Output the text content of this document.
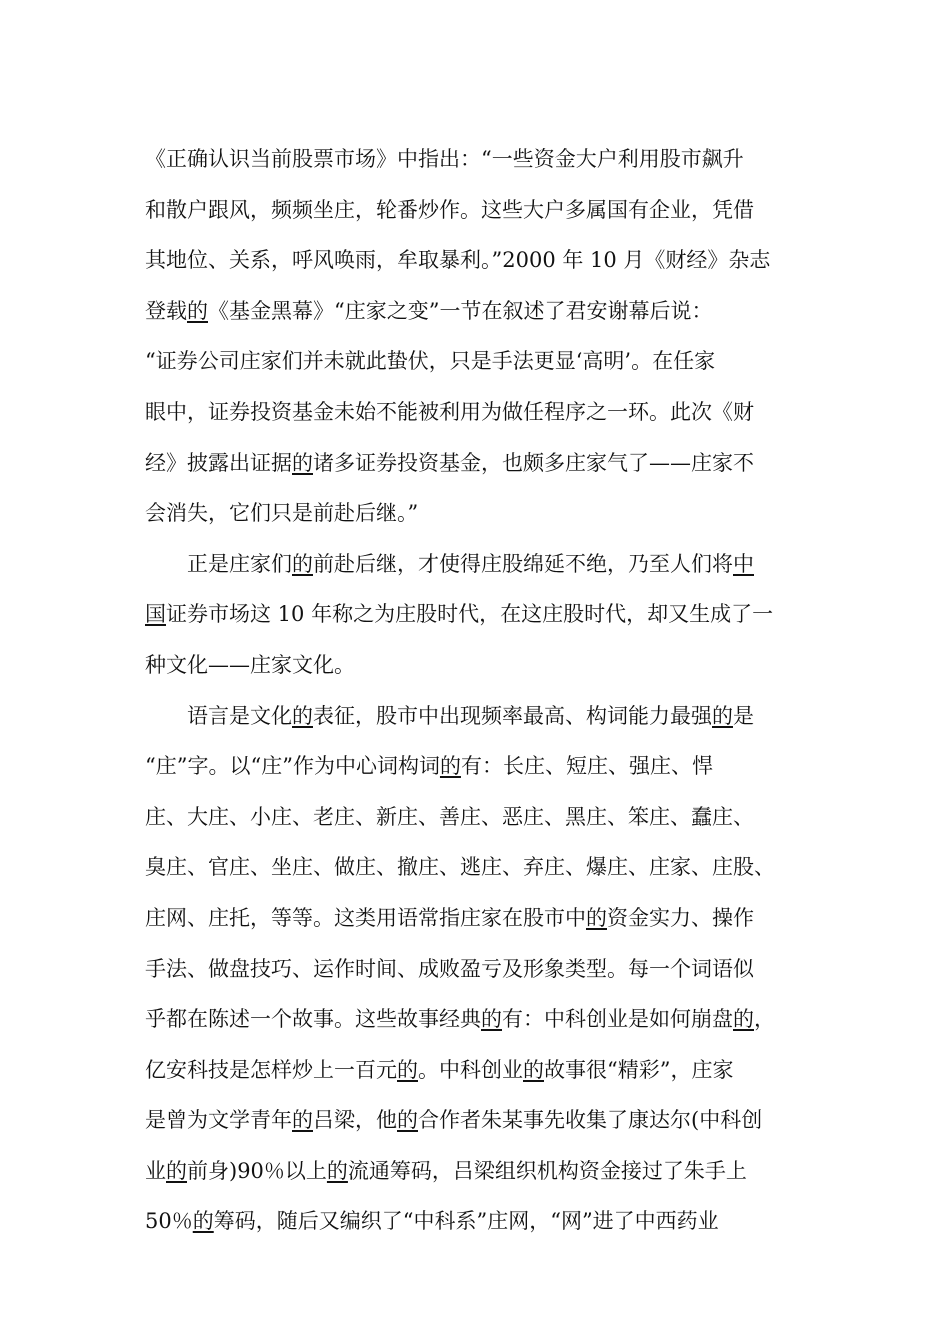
《正确认识当前股票市场》中指出：“一些资金大户利用股市飙升
和散户跟风，频频坐庄，轮番炒作。这些大户多属国有企业，凭借
其地位、关系，呼风唤雨，牟取暴利。”2000 年 10 月《财经》杂志
登载的《基金黑幕》“庄家之变”一节在叙述了君安谢幕后说：
“证券公司庄家们并未就此蛰伏，只是手法更显‘高明’。在任家
眼中，证券投资基金未始不能被利用为做任程序之一环。此次《财
经》披露出证据的诸多证券投资基金，也颇多庄家气了——庄家不
会消失，它们只是前赴后继。”
正是庄家们的前赴后继，才使得庄股绵延不绝，乃至人们将中
国证券市场这 10 年称之为庄股时代，在这庄股时代，却又生成了一
种文化——庄家文化。
语言是文化的表征，股市中出现频率最高、构词能力最强的是
“庄”字。以“庄”作为中心词构词的有：长庄、短庄、强庄、悍
庄、大庄、小庄、老庄、新庄、善庄、恶庄、黑庄、笨庄、蠢庄、
臭庄、官庄、坐庄、做庄、撤庄、逃庄、弃庄、爆庄、庄家、庄股、
庄网、庄托，等等。这类用语常指庄家在股市中的资金实力、操作
手法、做盘技巧、运作时间、成败盈亏及形象类型。每一个词语似
乎都在陈述一个故事。这些故事经典的有：中科创业是如何崩盘的，
亿安科技是怎样炒上一百元的。中科创业的故事很“精彩”，庄家
是曾为文学青年的吕梁，他的合作者朱某事先收集了康达尔(中科创
业的前身)90％以上的流通筹码，吕梁组织机构资金接过了朱手上
50％的筹码，随后又编织了“中科系”庄网，“网”进了中西药业
